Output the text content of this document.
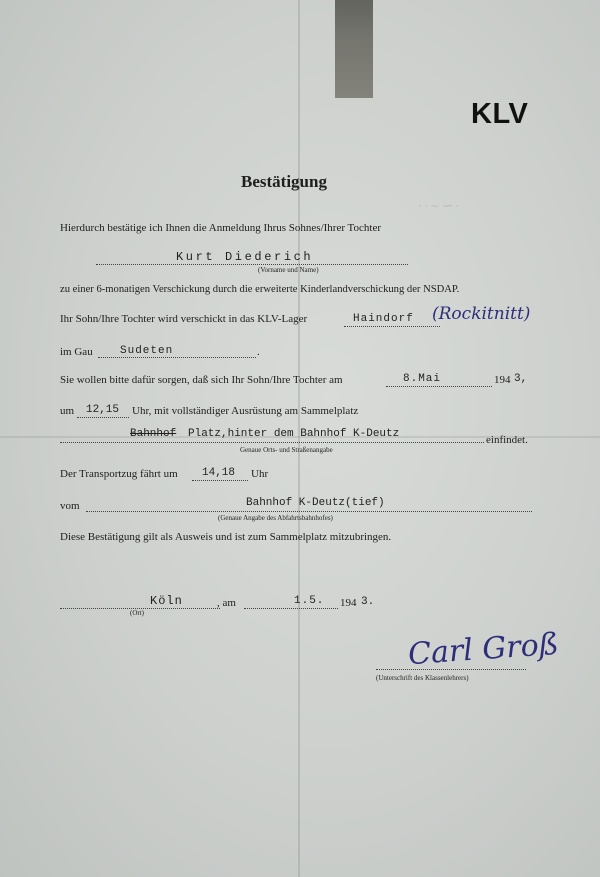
KLV
Bestätigung
· · ~ ∽ ·
Hierdurch bestätige ich Ihnen die Anmeldung Ihrus Sohnes/Ihrer Tochter
Kurt Diederich
(Vorname und Name)
zu einer 6-monatigen Verschickung durch die erweiterte Kinderlandverschickung der NSDAP.
Ihr Sohn/Ihre Tochter wird verschickt in das KLV-Lager	Haindorf (Rockitnitt)
im Gau Sudeten	.
Sie wollen bitte dafür sorgen, daß sich Ihr Sohn/Ihre Tochter am	8.Mai	194 3,
um 12,15 Uhr, mit vollständiger Ausrüstung am Sammelplatz
Bahnhof Platz,hinter dem Bahnhof K-Deutz	einfindet.
Genaue Orts- und Straßenangabe
Der Transportzug fährt um 14,18 Uhr
vom	Bahnhof K-Deutz(tief)
(Genaue Angabe des Abfahrtsbahnhofes)
Diese Bestätigung gilt als Ausweis und ist zum Sammelplatz mitzubringen.
Köln
(Ort)
, am	1.5. 194 3.
Carl Groß
(Unterschrift des Klassenlehrers)
